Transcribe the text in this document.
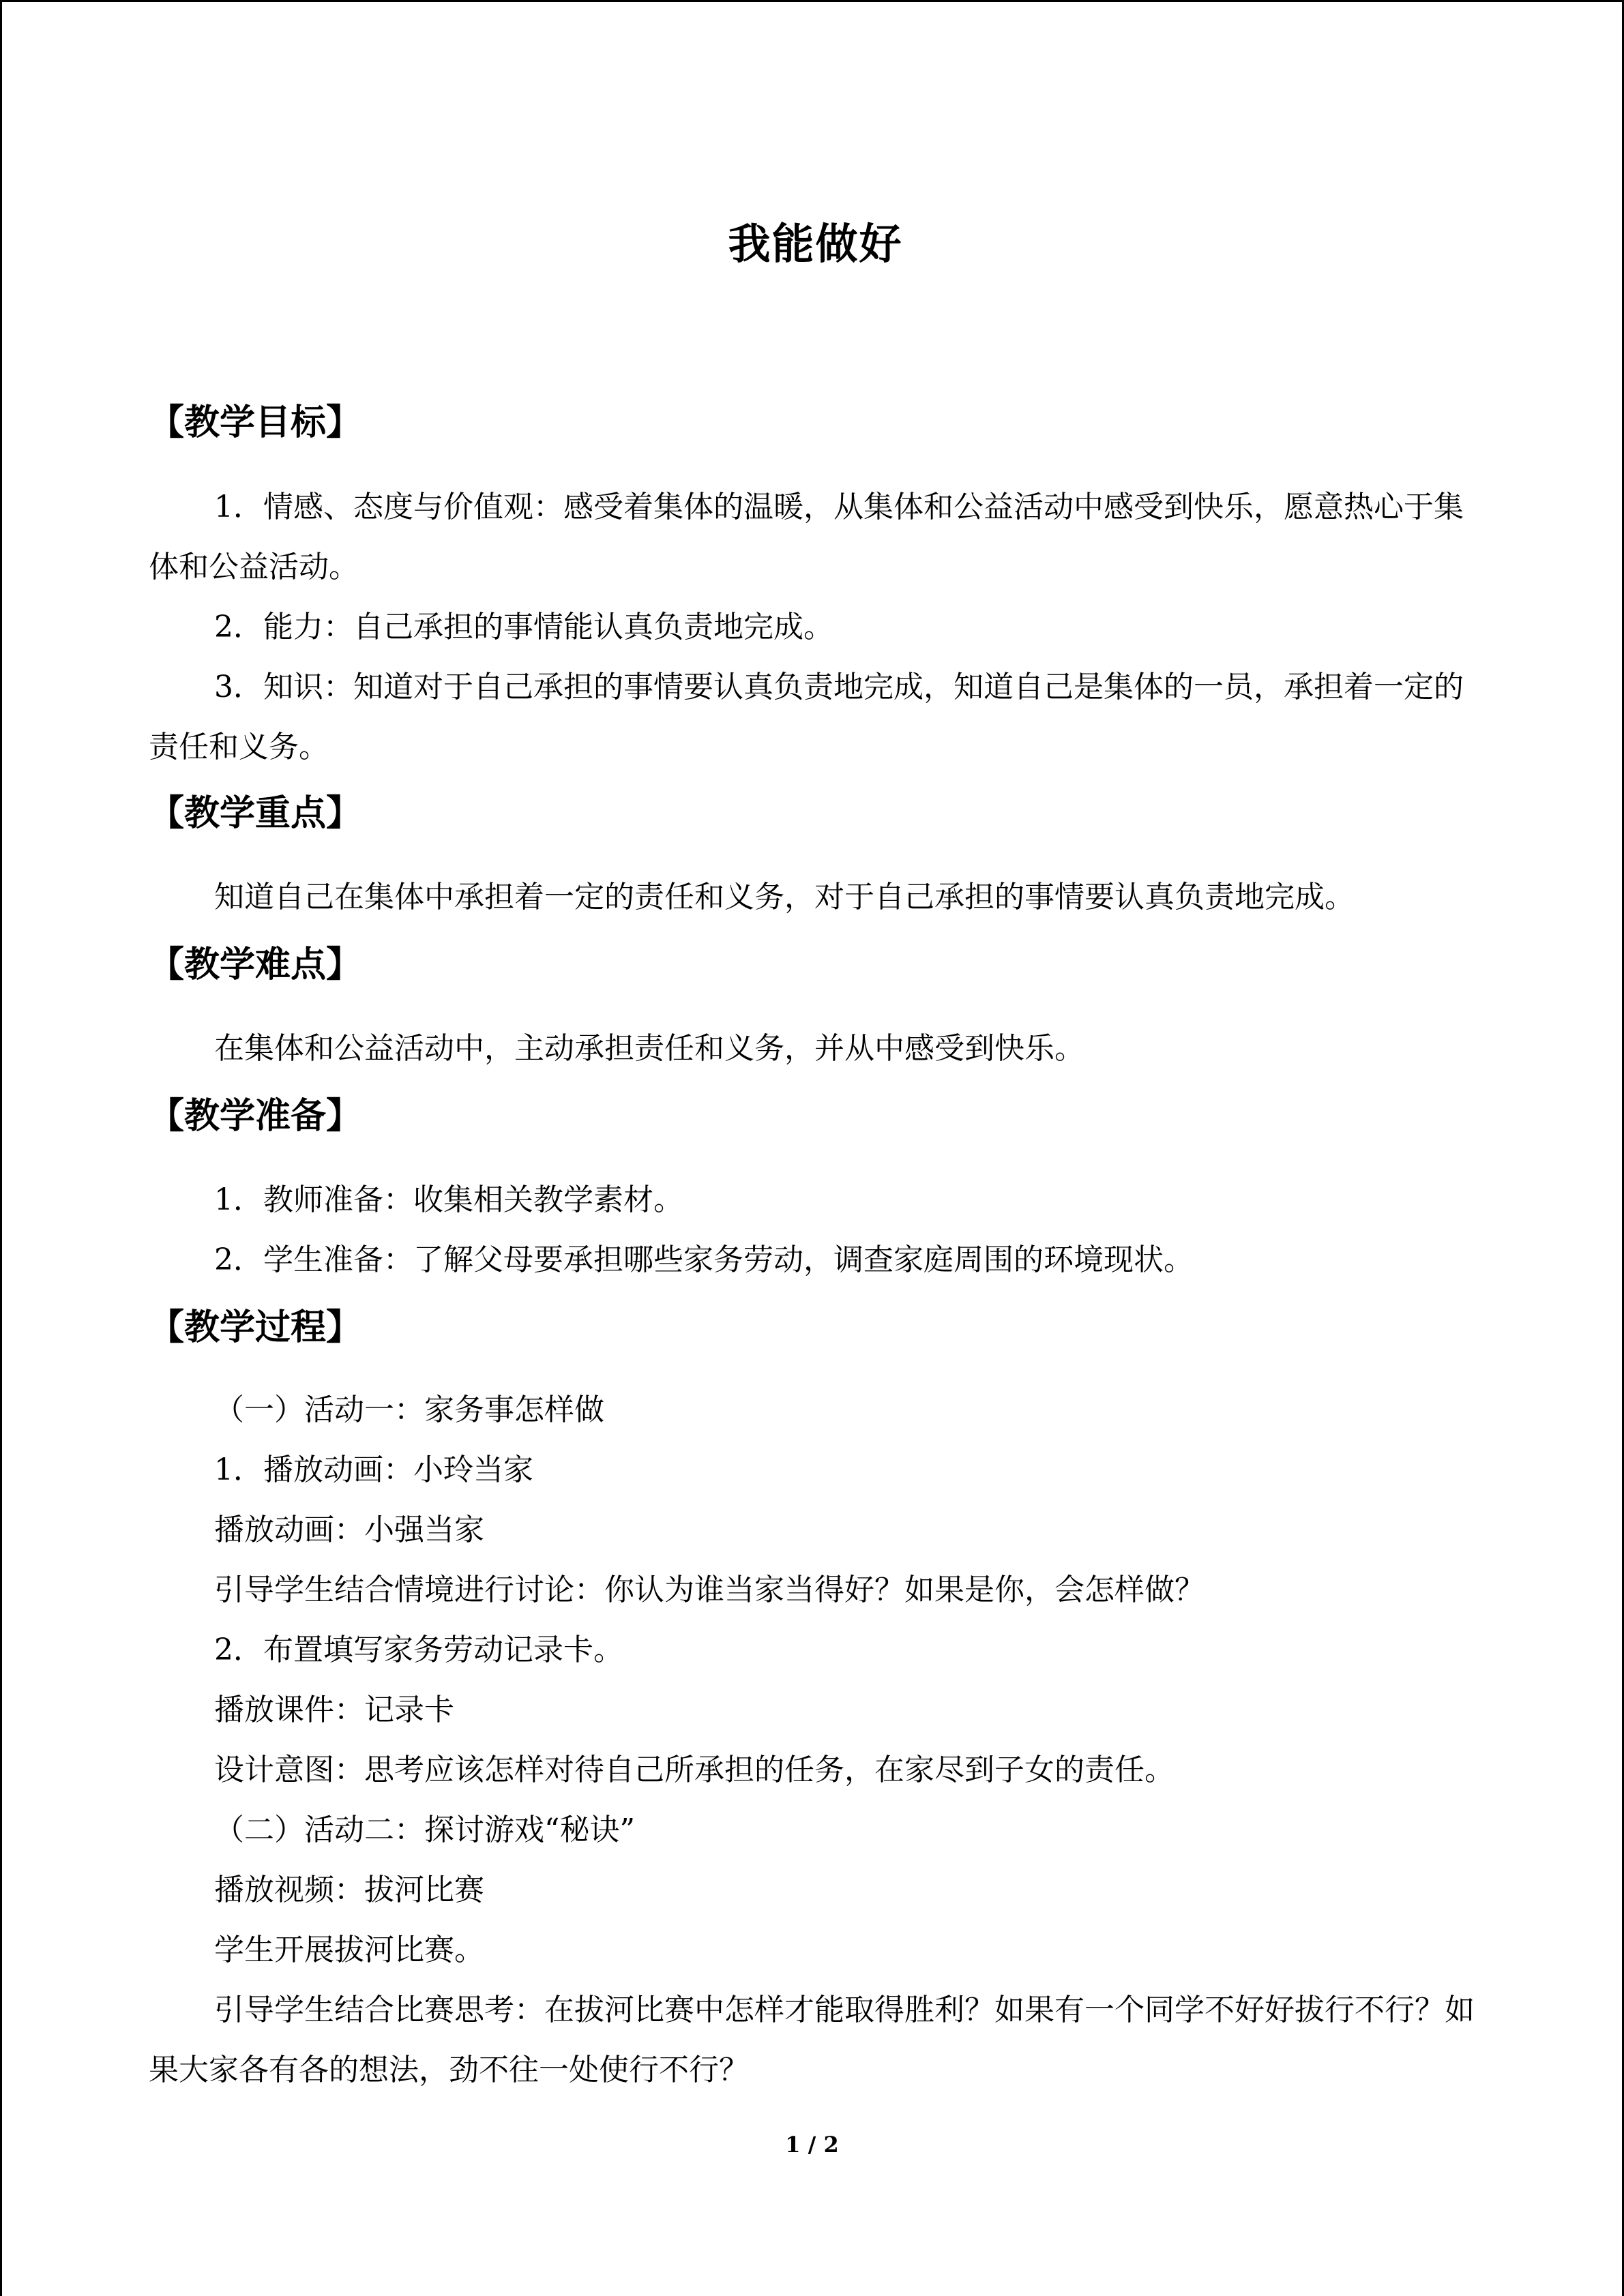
我能做好
【教学目标】
1．情感、态度与价值观：感受着集体的温暖，从集体和公益活动中感受到快乐，愿意热心于集体和公益活动。
2．能力：自己承担的事情能认真负责地完成。
3．知识：知道对于自己承担的事情要认真负责地完成，知道自己是集体的一员，承担着一定的责任和义务。
【教学重点】
知道自己在集体中承担着一定的责任和义务，对于自己承担的事情要认真负责地完成。
【教学难点】
在集体和公益活动中，主动承担责任和义务，并从中感受到快乐。
【教学准备】
1．教师准备：收集相关教学素材。
2．学生准备：了解父母要承担哪些家务劳动，调查家庭周围的环境现状。
【教学过程】
（一）活动一：家务事怎样做
1．播放动画：小玲当家
播放动画：小强当家
引导学生结合情境进行讨论：你认为谁当家当得好？如果是你，会怎样做？
2．布置填写家务劳动记录卡。
播放课件：记录卡
设计意图：思考应该怎样对待自己所承担的任务，在家尽到子女的责任。
（二）活动二：探讨游戏“秘诀”
播放视频：拔河比赛
学生开展拔河比赛。
引导学生结合比赛思考：在拔河比赛中怎样才能取得胜利？如果有一个同学不好好拔行不行？如果大家各有各的想法，劲不往一处使行不行？
1 / 2
